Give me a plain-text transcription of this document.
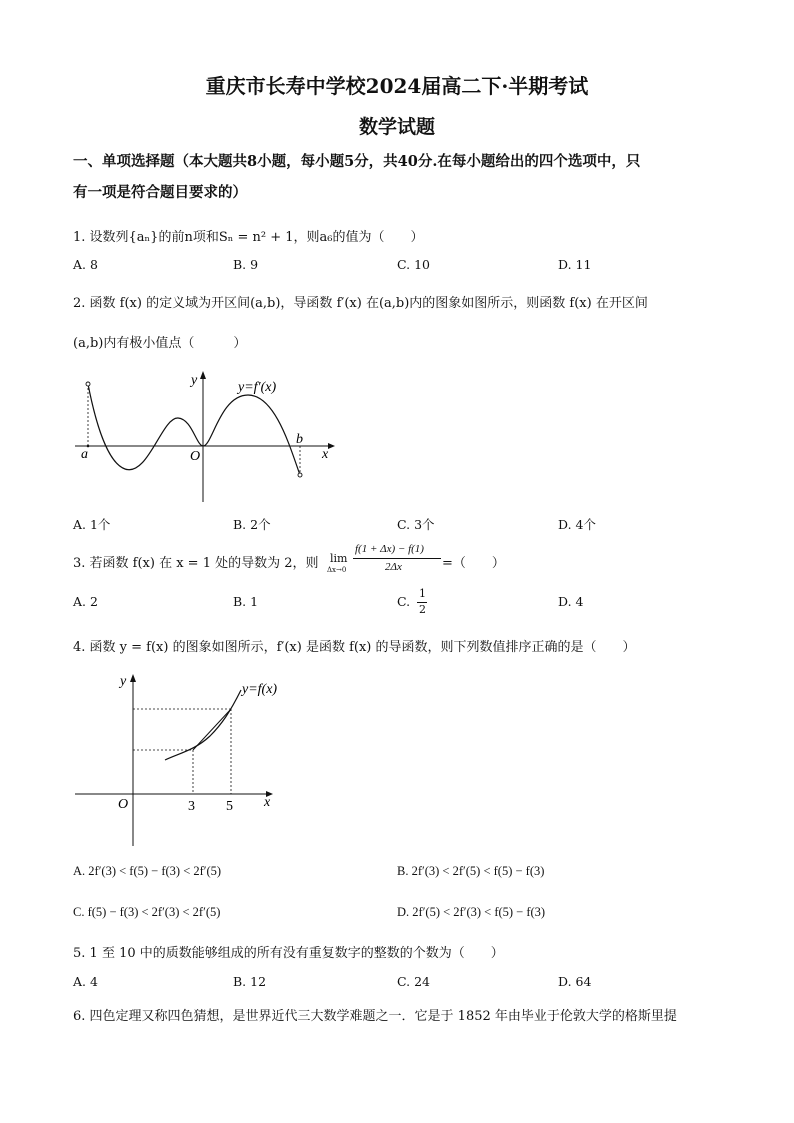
重庆市长寿中学校2024届高二下·半期考试
数学试题
一、单项选择题（本大题共8小题，每小题5分，共40分.在每小题给出的四个选项中，只
有一项是符合题目要求的）
1. 设数列{aₙ}的前n项和Sₙ = n² + 1，则a₆的值为（　　）
A. 8	B. 9	C. 10	D. 11
2. 函数 f(x) 的定义域为开区间(a,b)，导函数 f′(x) 在(a,b)内的图象如图所示，则函数 f(x) 在开区间
(a,b)内有极小值点（　　　）
y
x
O
a
b
y=f′(x)
A. 1个	B. 2个	C. 3个	D. 4个
3. 若函数 f(x) 在 x = 1 处的导数为 2，则 lim
Δx→0
f(1 + Δx) − f(1)
2Δx	=（　　）
A. 2	B. 1	C.
1
2
D. 4
4. 函数 y = f(x) 的图象如图所示，f′(x) 是函数 f(x) 的导函数，则下列数值排序正确的是（　　）
y
x
O	3 5
y=f(x)
A. 2f′(3) < f(5) − f(3) < 2f′(5)	B. 2f′(3) < 2f′(5) < f(5) − f(3)
C. f(5) − f(3) < 2f′(3) < 2f′(5)	D. 2f′(5) < 2f′(3) < f(5) − f(3)
5. 1 至 10 中的质数能够组成的所有没有重复数字的整数的个数为（　　）
A. 4	B. 12	C. 24	D. 64
6. 四色定理又称四色猜想，是世界近代三大数学难题之一．它是于 1852 年由毕业于伦敦大学的格斯里提
